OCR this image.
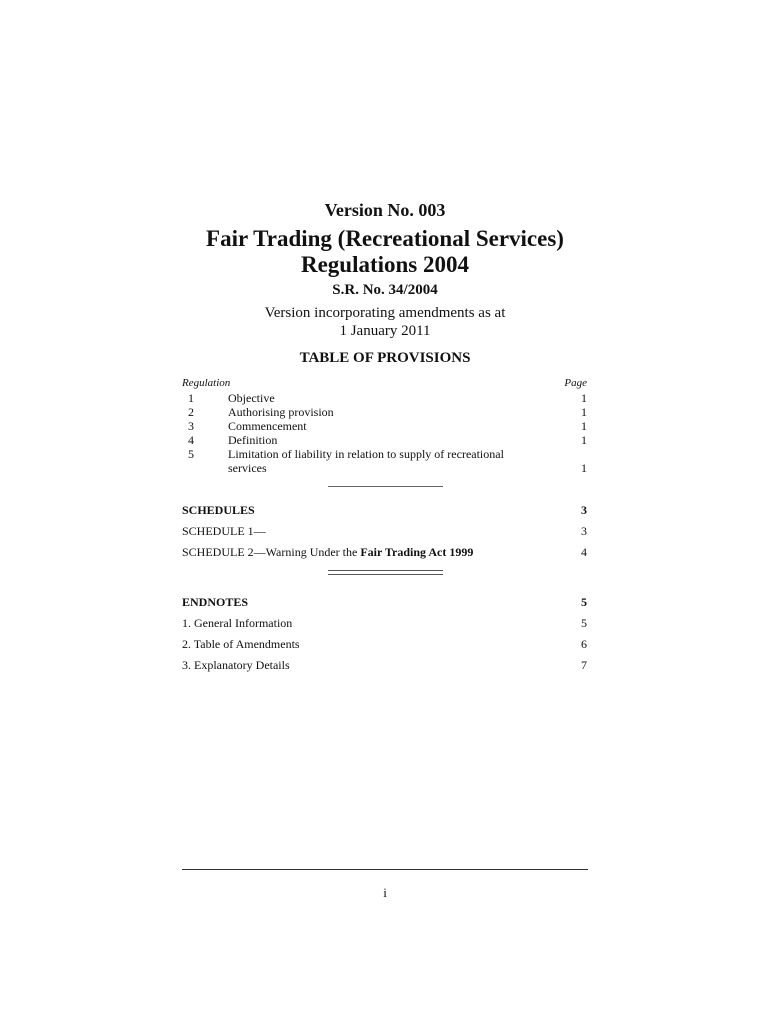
Version No. 003
Fair Trading (Recreational Services)
Regulations 2004
S.R. No. 34/2004
Version incorporating amendments as at
1 January 2011
TABLE OF PROVISIONS
Regulation	Page
1	Objective	1
2	Authorising provision	1
3	Commencement	1
4	Definition	1
5	Limitation of liability in relation to supply of recreational
services	1
SCHEDULES	3
SCHEDULE 1—	3
SCHEDULE 2—Warning Under the Fair Trading Act 1999	4
ENDNOTES	5
1. General Information	5
2. Table of Amendments	6
3. Explanatory Details	7
i
